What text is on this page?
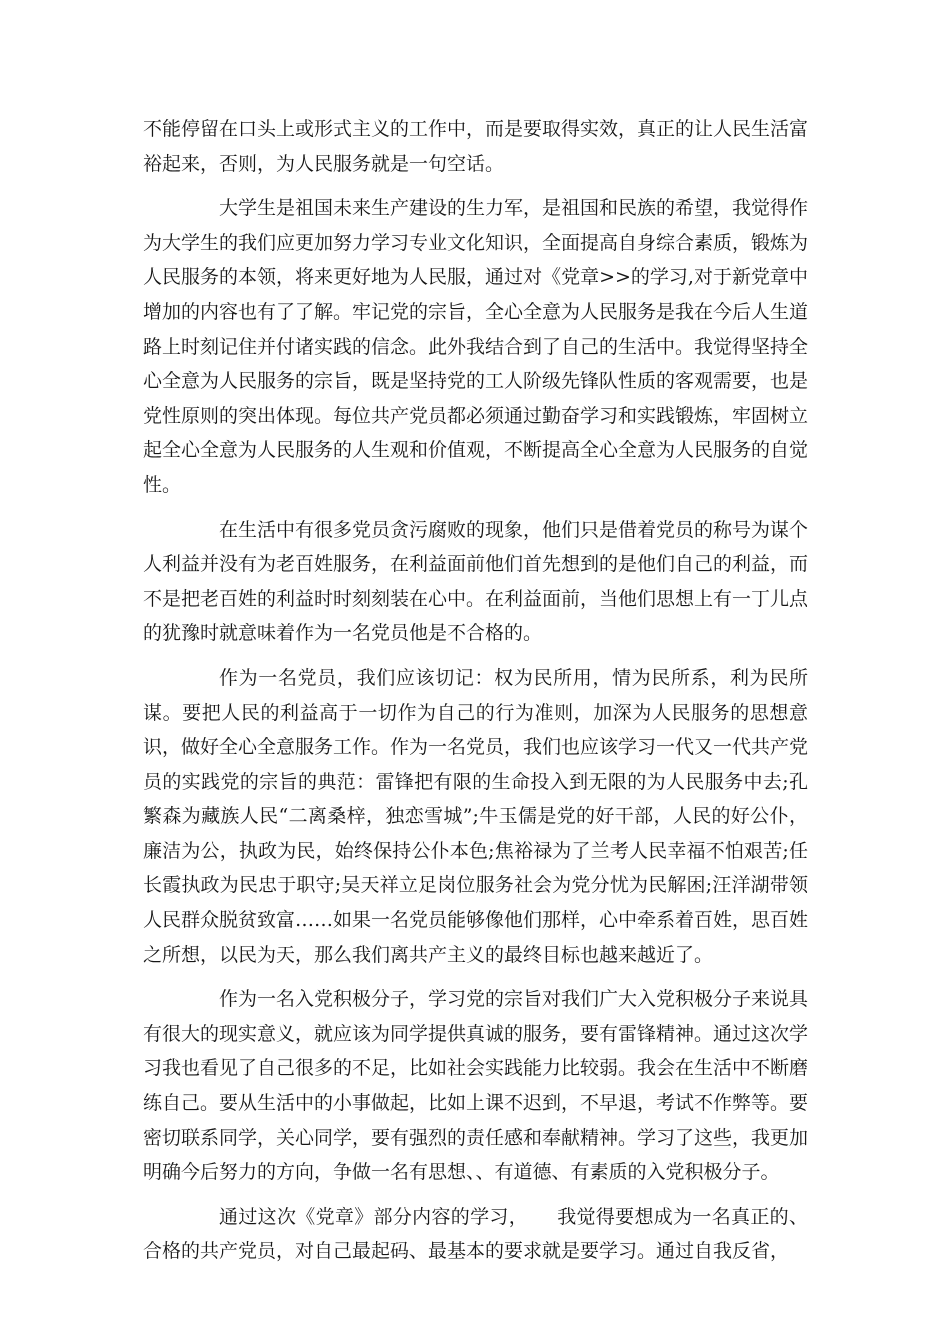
不能停留在口头上或形式主义的工作中，而是要取得实效，真正的让人民生活富裕起来，否则，为人民服务就是一句空话。

大学生是祖国未来生产建设的生力军，是祖国和民族的希望，我觉得作为大学生的我们应更加努力学习专业文化知识，全面提高自身综合素质，锻炼为人民服务的本领，将来更好地为人民服，通过对《党章>>的学习,对于新党章中增加的内容也有了了解。牢记党的宗旨，全心全意为人民服务是我在今后人生道路上时刻记住并付诸实践的信念。此外我结合到了自己的生活中。我觉得坚持全心全意为人民服务的宗旨，既是坚持党的工人阶级先锋队性质的客观需要，也是党性原则的突出体现。每位共产党员都必须通过勤奋学习和实践锻炼，牢固树立起全心全意为人民服务的人生观和价值观，不断提高全心全意为人民服务的自觉性。

在生活中有很多党员贪污腐败的现象，他们只是借着党员的称号为谋个人利益并没有为老百姓服务，在利益面前他们首先想到的是他们自己的利益，而不是把老百姓的利益时时刻刻装在心中。在利益面前，当他们思想上有一丁儿点的犹豫时就意味着作为一名党员他是不合格的。

作为一名党员，我们应该切记：权为民所用，情为民所系，利为民所谋。要把人民的利益高于一切作为自己的行为准则，加深为人民服务的思想意识，做好全心全意服务工作。作为一名党员，我们也应该学习一代又一代共产党员的实践党的宗旨的典范：雷锋把有限的生命投入到无限的为人民服务中去;孔繁森为藏族人民“二离桑梓，独恋雪城”;牛玉儒是党的好干部，人民的好公仆，廉洁为公，执政为民，始终保持公仆本色;焦裕禄为了兰考人民幸福不怕艰苦;任长霞执政为民忠于职守;吴天祥立足岗位服务社会为党分忧为民解困;汪洋湖带领人民群众脱贫致富……如果一名党员能够像他们那样，心中牵系着百姓，思百姓之所想，以民为天，那么我们离共产主义的最终目标也越来越近了。

作为一名入党积极分子，学习党的宗旨对我们广大入党积极分子来说具有很大的现实意义，就应该为同学提供真诚的服务，要有雷锋精神。通过这次学习我也看见了自己很多的不足，比如社会实践能力比较弱。我会在生活中不断磨练自己。要从生活中的小事做起，比如上课不迟到，不早退，考试不作弊等。要密切联系同学，关心同学，要有强烈的责任感和奉献精神。学习了这些，我更加明确今后努力的方向，争做一名有思想、、有道德、有素质的入党积极分子。

通过这次《党章》部分内容的学习，　　我觉得要想成为一名真正的、合格的共产党员，对自己最起码、最基本的要求就是要学习。通过自我反省，
